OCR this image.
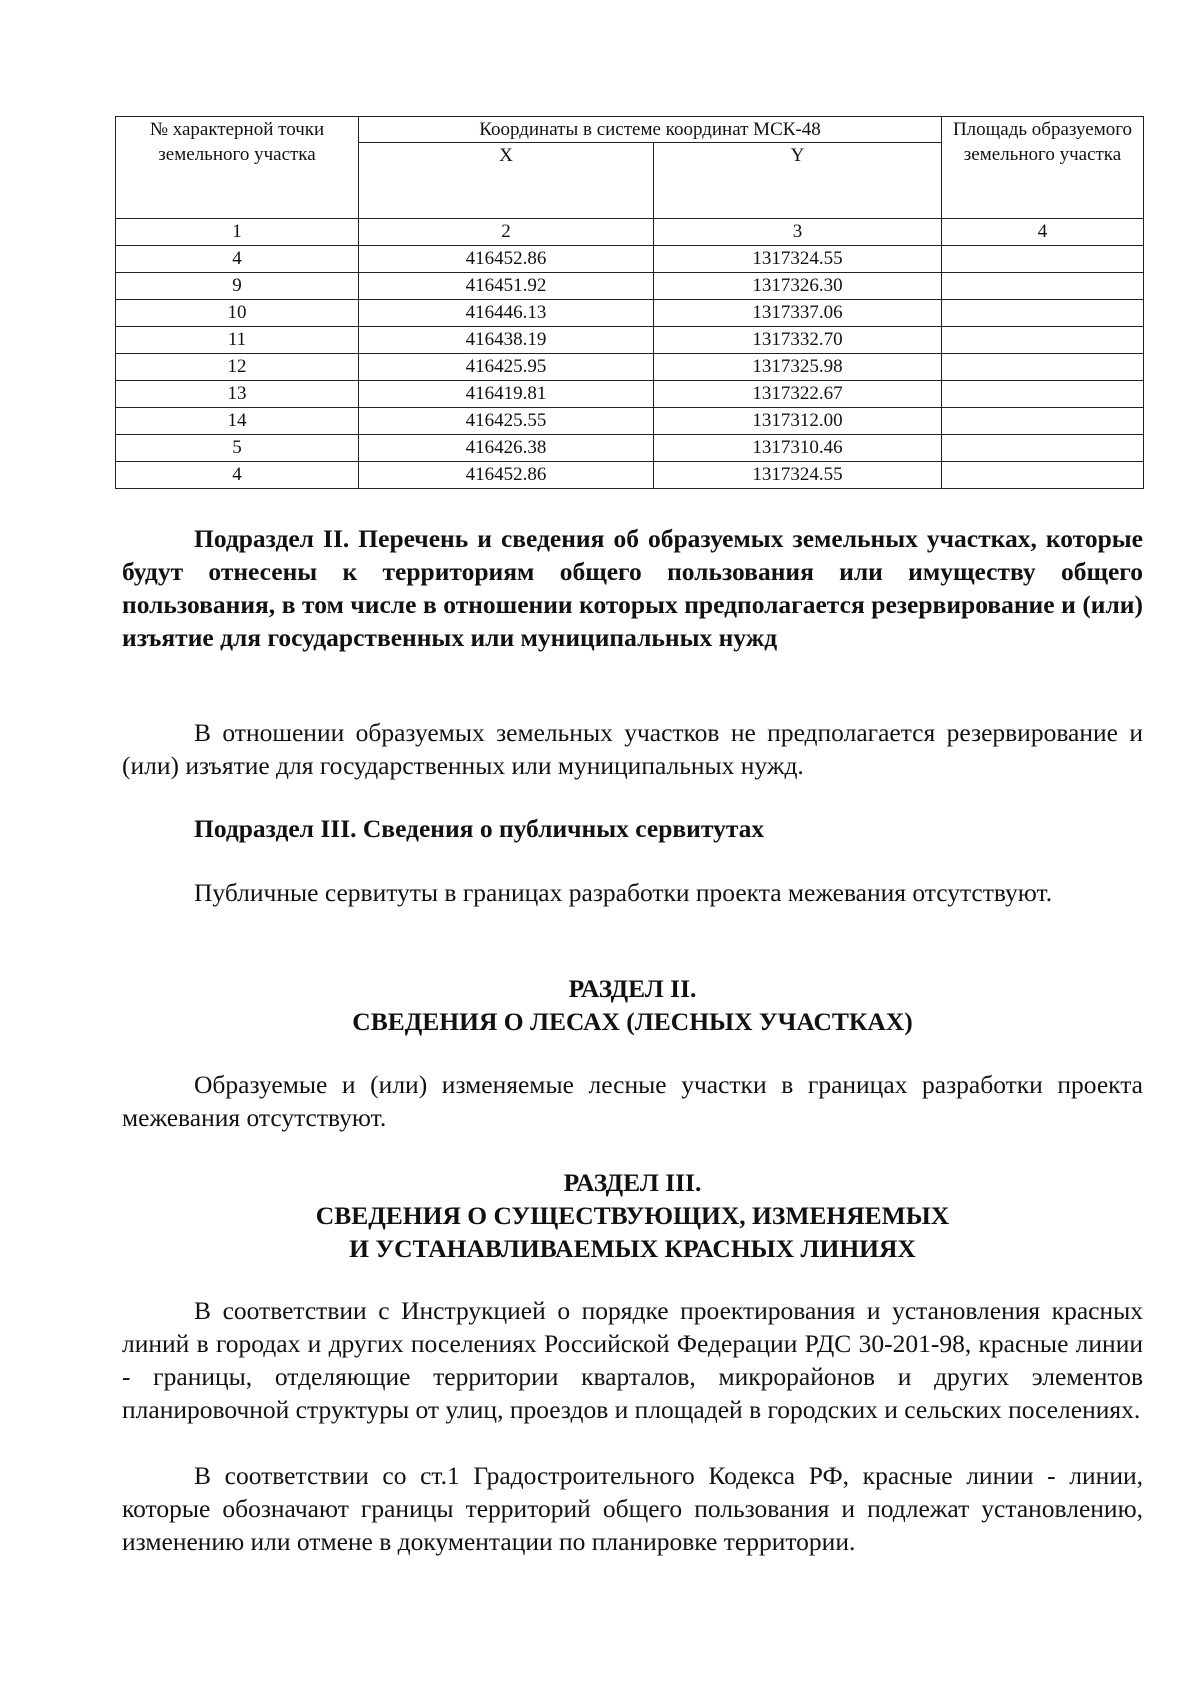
№ характерной точки земельного участка	Координаты в системе координат МСК-48		Площадь образуемого земельного участка
	X	Y	
1	2	3	4
4	416452.86	1317324.55	
9	416451.92	1317326.30	
10	416446.13	1317337.06	
11	416438.19	1317332.70	
12	416425.95	1317325.98	
13	416419.81	1317322.67	
14	416425.55	1317312.00	
5	416426.38	1317310.46	
4	416452.86	1317324.55	

Подраздел II. Перечень и сведения об образуемых земельных участках, которые будут отнесены к территориям общего пользования или имуществу общего пользования, в том числе в отношении которых предполагается резервирование и (или) изъятие для государственных или муниципальных нужд

В отношении образуемых земельных участков не предполагается резервирование и (или) изъятие для государственных или муниципальных нужд.

Подраздел III. Сведения о публичных сервитутах

Публичные сервитуты в границах разработки проекта межевания отсутствуют.

РАЗДЕЛ II.

СВЕДЕНИЯ О ЛЕСАХ (ЛЕСНЫХ УЧАСТКАХ)

Образуемые и (или) изменяемые лесные участки в границах разработки проекта межевания отсутствуют.

РАЗДЕЛ III.

СВЕДЕНИЯ О СУЩЕСТВУЮЩИХ, ИЗМЕНЯЕМЫХ

И УСТАНАВЛИВАЕМЫХ КРАСНЫХ ЛИНИЯХ

В соответствии с Инструкцией о порядке проектирования и установления красных линий в городах и других поселениях Российской Федерации РДС 30-201-98, красные линии - границы, отделяющие территории кварталов, микрорайонов и других элементов планировочной структуры от улиц, проездов и площадей в городских и сельских поселениях.

В соответствии со ст.1 Градостроительного Кодекса РФ, красные линии - линии, которые обозначают границы территорий общего пользования и подлежат установлению, изменению или отмене в документации по планировке территории.
